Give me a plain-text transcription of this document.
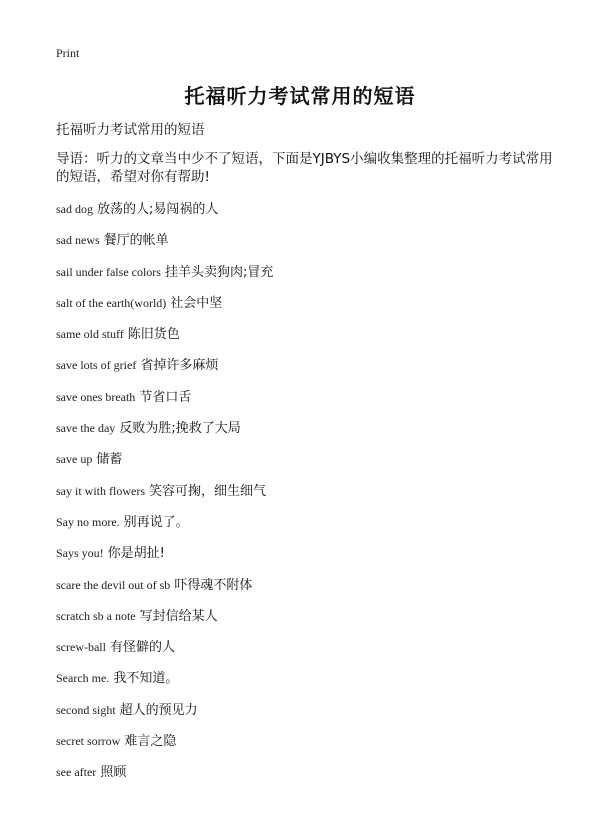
Print
托福听力考试常用的短语
托福听力考试常用的短语
导语：听力的文章当中少不了短语，下面是YJBYS小编收集整理的托福听力考试常用的短语，希望对你有帮助!
sad dog 放荡的人;易闯祸的人
sad news 餐厅的帐单
sail under false colors 挂羊头卖狗肉;冒充
salt of the earth(world) 社会中坚
same old stuff 陈旧货色
save lots of grief 省掉许多麻烦
save ones breath 节省口舌
save the day 反败为胜;挽救了大局
save up 储蓄
say it with flowers 笑容可掬，细生细气
Say no more. 别再说了。
Says you! 你是胡扯!
scare the devil out of sb 吓得魂不附体
scratch sb a note 写封信给某人
screw-ball 有怪僻的人
Search me. 我不知道。
second sight 超人的预见力
secret sorrow 难言之隐
see after 照顾
